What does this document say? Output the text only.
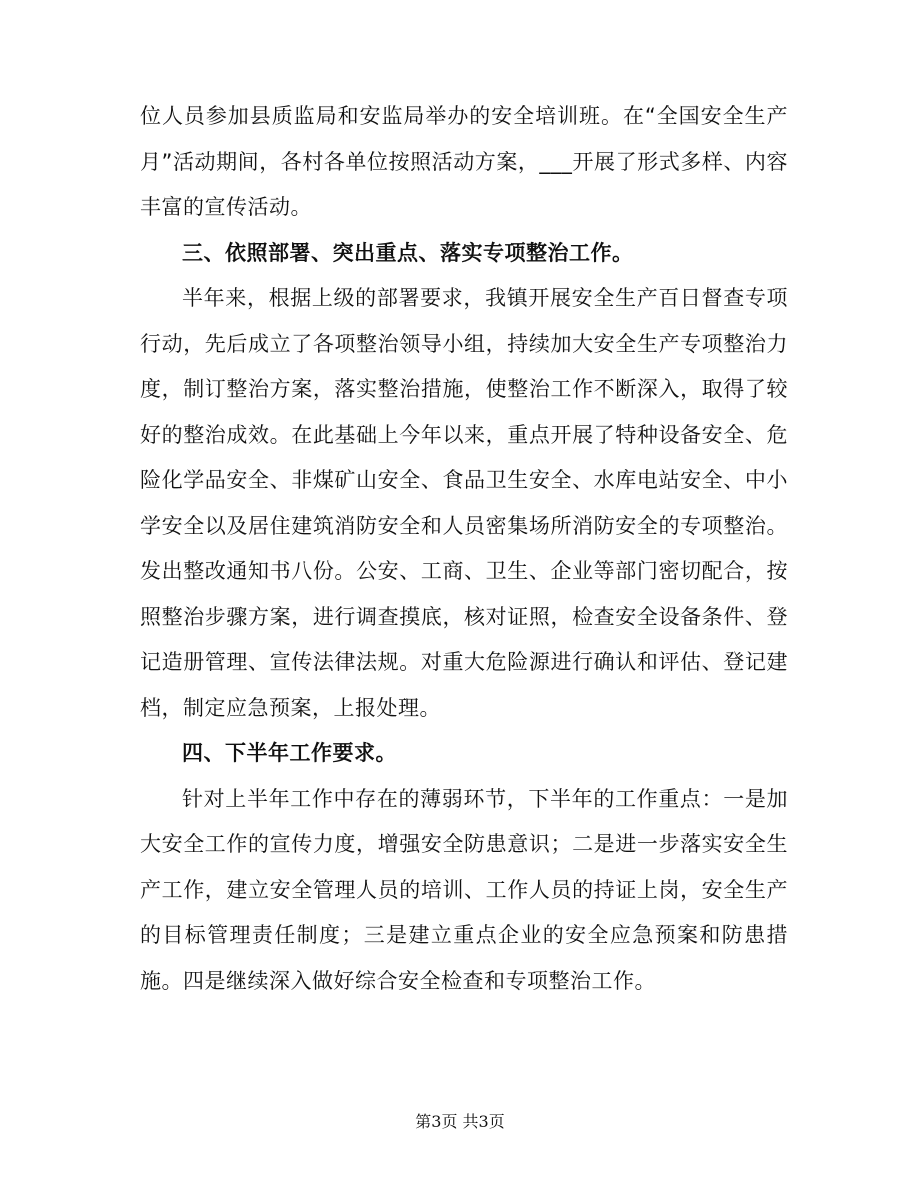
位人员参加县质监局和安监局举办的安全培训班。在“全国安全生产月”活动期间，各村各单位按照活动方案，___开展了形式多样、内容丰富的宣传活动。

三、依照部署、突出重点、落实专项整治工作。

半年来，根据上级的部署要求，我镇开展安全生产百日督查专项行动，先后成立了各项整治领导小组，持续加大安全生产专项整治力度，制订整治方案，落实整治措施，使整治工作不断深入，取得了较好的整治成效。在此基础上今年以来，重点开展了特种设备安全、危险化学品安全、非煤矿山安全、食品卫生安全、水库电站安全、中小学安全以及居住建筑消防安全和人员密集场所消防安全的专项整治。发出整改通知书八份。公安、工商、卫生、企业等部门密切配合，按照整治步骤方案，进行调查摸底，核对证照，检查安全设备条件、登记造册管理、宣传法律法规。对重大危险源进行确认和评估、登记建档，制定应急预案，上报处理。

四、下半年工作要求。

针对上半年工作中存在的薄弱环节，下半年的工作重点：一是加大安全工作的宣传力度，增强安全防患意识；二是进一步落实安全生产工作，建立安全管理人员的培训、工作人员的持证上岗，安全生产的目标管理责任制度；三是建立重点企业的安全应急预案和防患措施。四是继续深入做好综合安全检查和专项整治工作。

第3页 共3页
